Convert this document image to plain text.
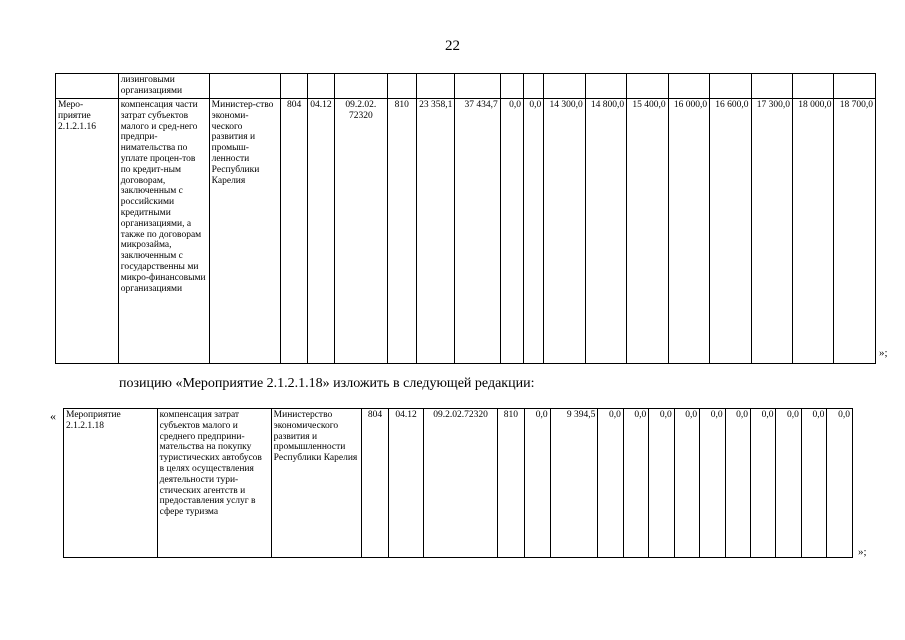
22
	лизинговыми организациями																	
Меро-приятие 2.1.2.1.16	компенсация части затрат субъектов малого и сред-него предпри-нимательства по уплате процен-тов по кредит-ным договорам, заключенным с российскими кредитными организациями, а также по договорам микрозайма, заключенным с государственны ми микро-финансовыми организациями	Министер-ство экономи-ческого развития и промыш-ленности Республики Карелия	804	04.12	09.2.02. 72320	810	23 358,1	37 434,7	0,0	0,0	14 300,0	14 800,0	15 400,0	16 000,0	16 600,0	17 300,0	18 000,0	18 700,0
»;
позицию «Мероприятие 2.1.2.1.18» изложить в следующей редакции:
« Мероприятие 2.1.2.1.18	компенсация затрат субъектов малого и среднего предприни-мательства на покупку туристических автобусов в целях осуществления деятельности тури-стических агентств и предоставления услуг в сфере туризма	Министерство экономического развития и промышленности Республики Карелия	804	04.12	09.2.02.72320	810	0,0	9 394,5	0,0	0,0	0,0	0,0	0,0	0,0	0,0	0,0	0,0	0,0
»;
